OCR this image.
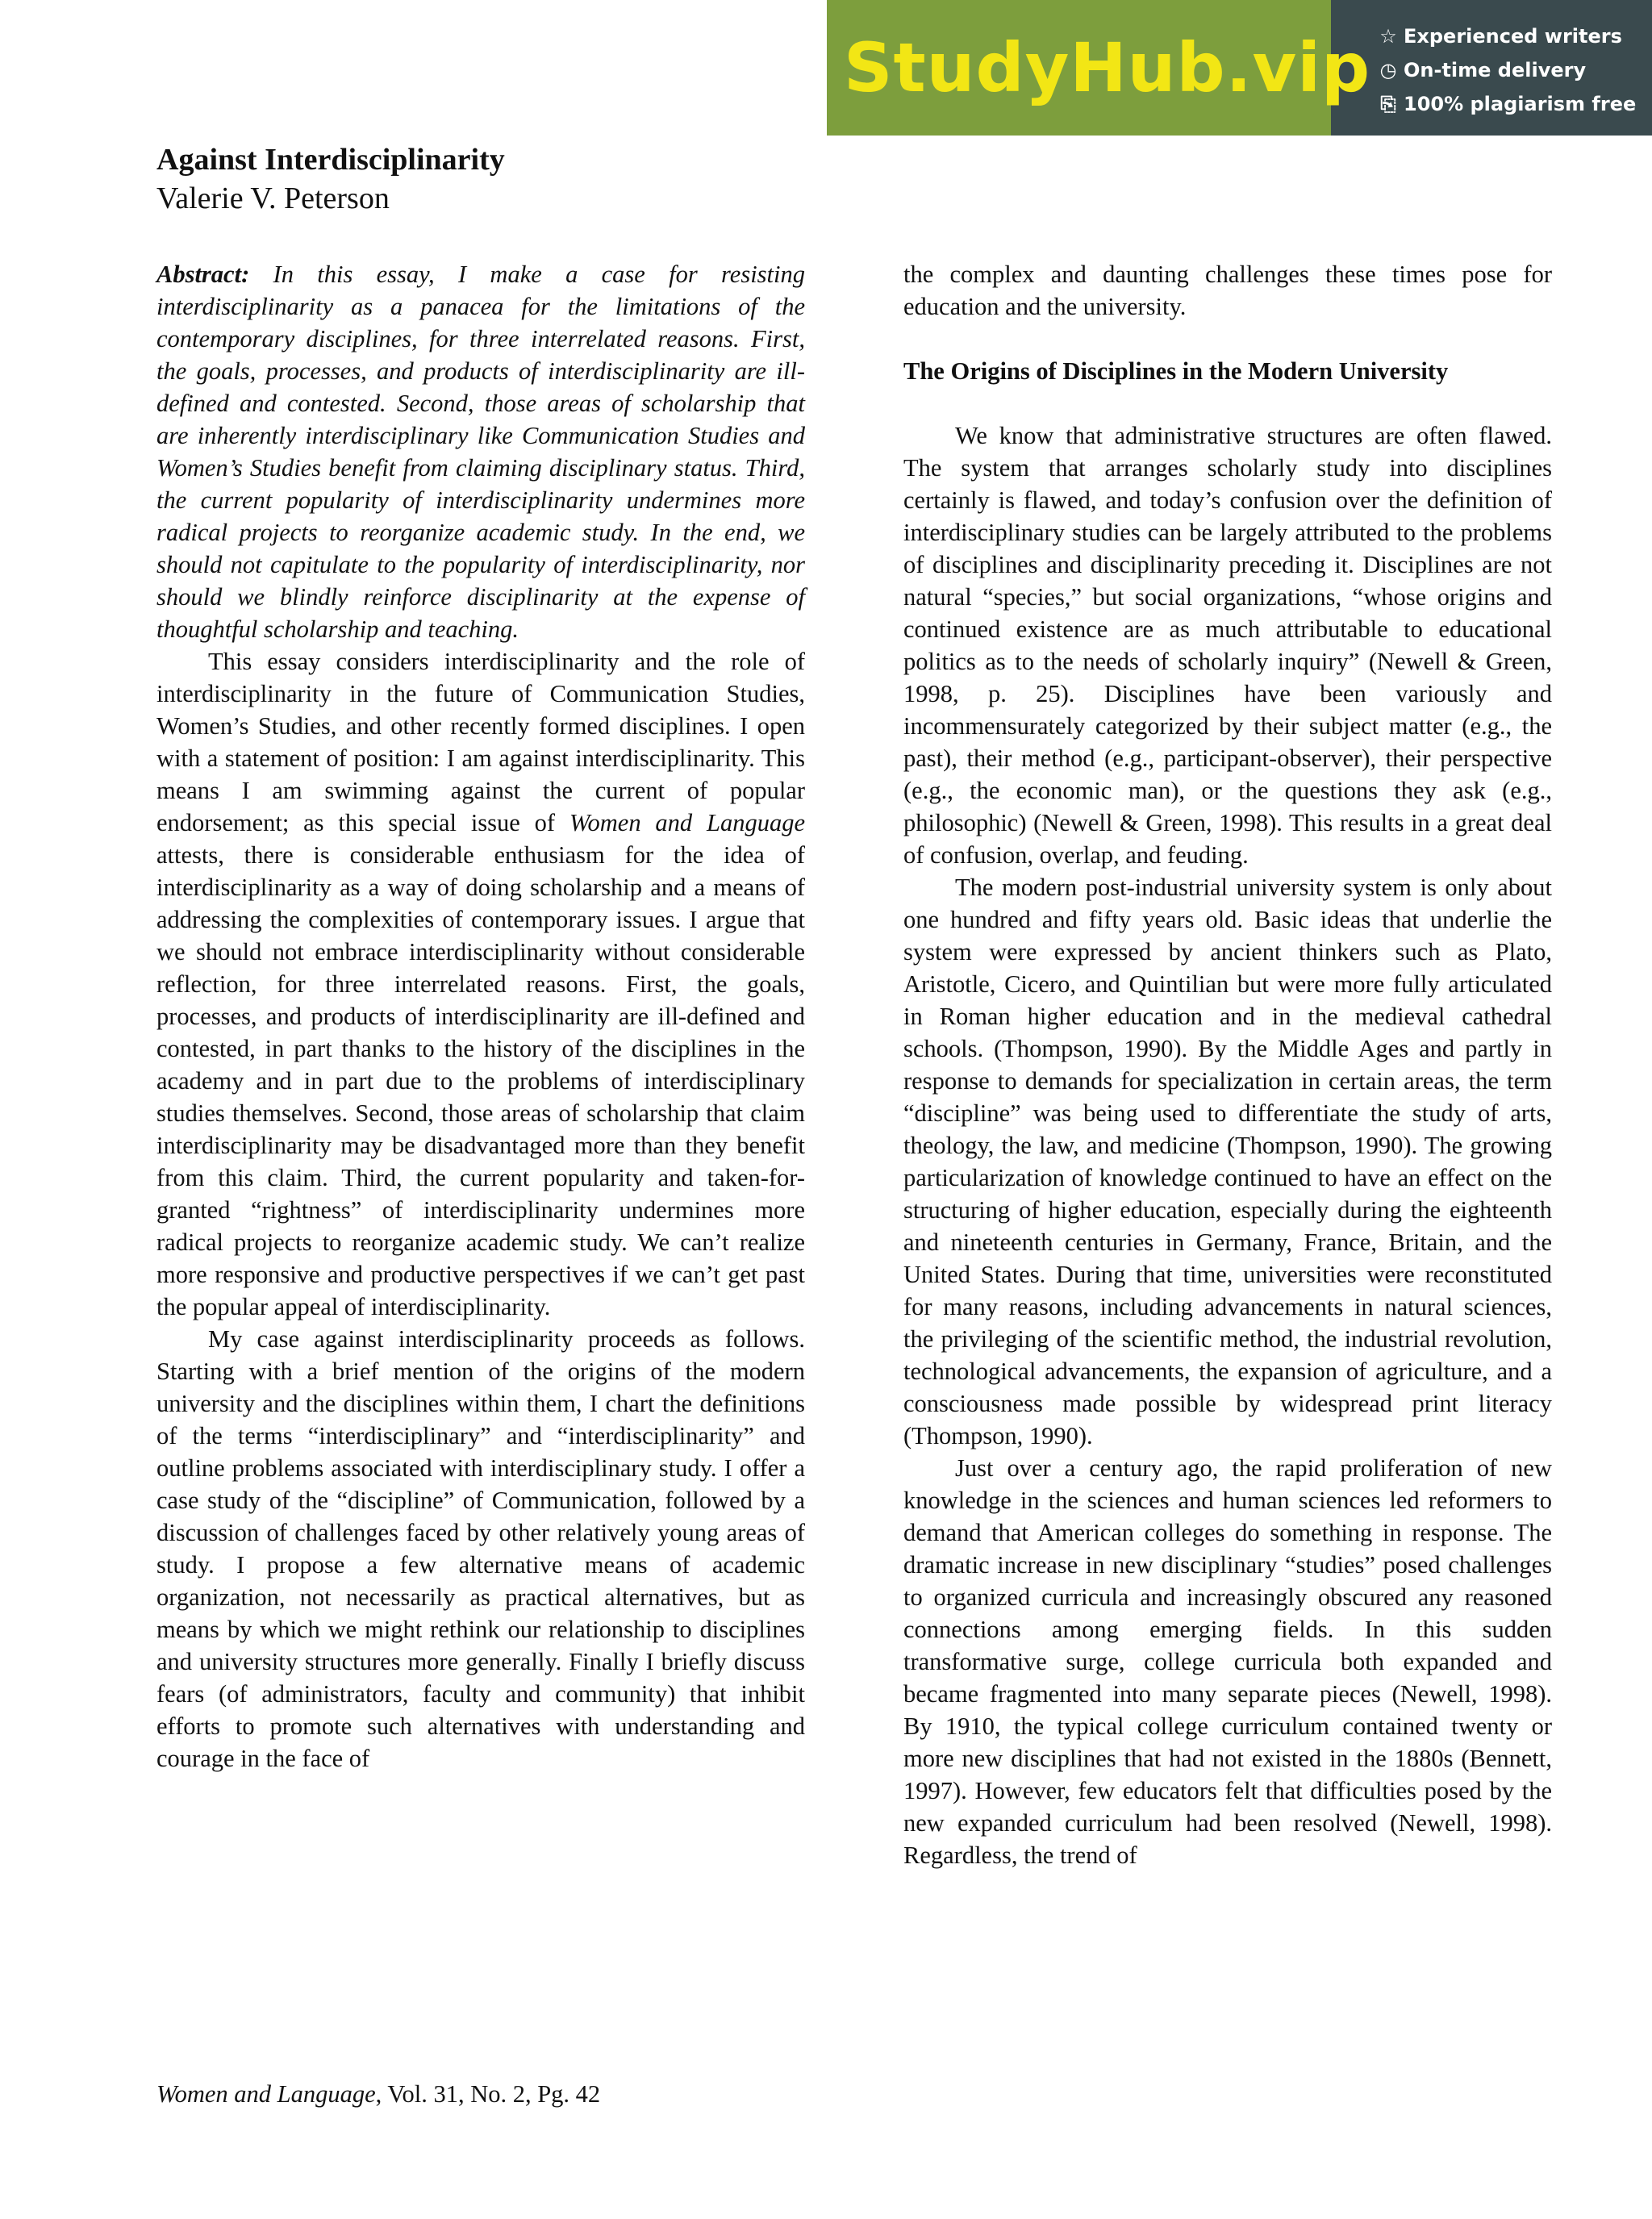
StudyHub.vip ☆ Experienced writers
◷ On-time delivery
⎘ 100% plagiarism free
Against Interdisciplinarity
Valerie V. Peterson

Abstract: In this essay, I make a case for resisting interdisciplinarity as a panacea for the limitations of the contemporary disciplines, for three interrelated reasons. First, the goals, processes, and products of interdisciplinarity are ill-defined and contested. Second, those areas of scholarship that are inherently interdisciplinary like Communication Studies and Women’s Studies benefit from claiming disciplinary status. Third, the current popularity of interdisciplinarity undermines more radical projects to reorganize academic study. In the end, we should not capitulate to the popularity of interdisciplinarity, nor should we blindly reinforce disciplinarity at the expense of thoughtful scholarship and teaching.

This essay considers interdisciplinarity and the role of interdisciplinarity in the future of Communication Studies, Women’s Studies, and other recently formed disciplines. I open with a statement of position: I am against interdisciplinarity. This means I am swimming against the current of popular endorsement; as this special issue of Women and Language attests, there is considerable enthusiasm for the idea of interdisciplinarity as a way of doing scholarship and a means of addressing the complexities of contemporary issues. I argue that we should not embrace interdisciplinarity without considerable reflection, for three interrelated reasons. First, the goals, processes, and products of interdisciplinarity are ill-defined and contested, in part thanks to the history of the disciplines in the academy and in part due to the problems of interdisciplinary studies themselves. Second, those areas of scholarship that claim interdisciplinarity may be disadvantaged more than they benefit from this claim. Third, the current popularity and taken-for-granted “rightness” of interdisciplinarity undermines more radical projects to reorganize academic study. We can’t realize more responsive and productive perspectives if we can’t get past the popular appeal of interdisciplinarity.

My case against interdisciplinarity proceeds as follows. Starting with a brief mention of the origins of the modern university and the disciplines within them, I chart the definitions of the terms “interdisciplinary” and “interdisciplinarity” and outline problems associated with interdisciplinary study. I offer a case study of the “discipline” of Communication, followed by a discussion of challenges faced by other relatively young areas of study. I propose a few alternative means of academic organization, not necessarily as practical alternatives, but as means by which we might rethink our relationship to disciplines and university structures more generally. Finally I briefly discuss fears (of administrators, faculty and community) that inhibit efforts to promote such alternatives with understanding and courage in the face of

the complex and daunting challenges these times pose for education and the university.

The Origins of Disciplines in the Modern University

We know that administrative structures are often flawed. The system that arranges scholarly study into disciplines certainly is flawed, and today’s confusion over the definition of interdisciplinary studies can be largely attributed to the problems of disciplines and disciplinarity preceding it. Disciplines are not natural “species,” but social organizations, “whose origins and continued existence are as much attributable to educational politics as to the needs of scholarly inquiry” (Newell & Green, 1998, p. 25). Disciplines have been variously and incommensurately categorized by their subject matter (e.g., the past), their method (e.g., participant-observer), their perspective (e.g., the economic man), or the questions they ask (e.g., philosophic) (Newell & Green, 1998). This results in a great deal of confusion, overlap, and feuding.

The modern post-industrial university system is only about one hundred and fifty years old. Basic ideas that underlie the system were expressed by ancient thinkers such as Plato, Aristotle, Cicero, and Quintilian but were more fully articulated in Roman higher education and in the medieval cathedral schools. (Thompson, 1990). By the Middle Ages and partly in response to demands for specialization in certain areas, the term “discipline” was being used to differentiate the study of arts, theology, the law, and medicine (Thompson, 1990). The growing particularization of knowledge continued to have an effect on the structuring of higher education, especially during the eighteenth and nineteenth centuries in Germany, France, Britain, and the United States. During that time, universities were reconstituted for many reasons, including advancements in natural sciences, the privileging of the scientific method, the industrial revolution, technological advancements, the expansion of agriculture, and a consciousness made possible by widespread print literacy (Thompson, 1990).

Just over a century ago, the rapid proliferation of new knowledge in the sciences and human sciences led reformers to demand that American colleges do something in response. The dramatic increase in new disciplinary “studies” posed challenges to organized curricula and increasingly obscured any reasoned connections among emerging fields. In this sudden transformative surge, college curricula both expanded and became fragmented into many separate pieces (Newell, 1998). By 1910, the typical college curriculum contained twenty or more new disciplines that had not existed in the 1880s (Bennett, 1997). However, few educators felt that difficulties posed by the new expanded curriculum had been resolved (Newell, 1998). Regardless, the trend of

Women and Language, Vol. 31, No. 2, Pg. 42
